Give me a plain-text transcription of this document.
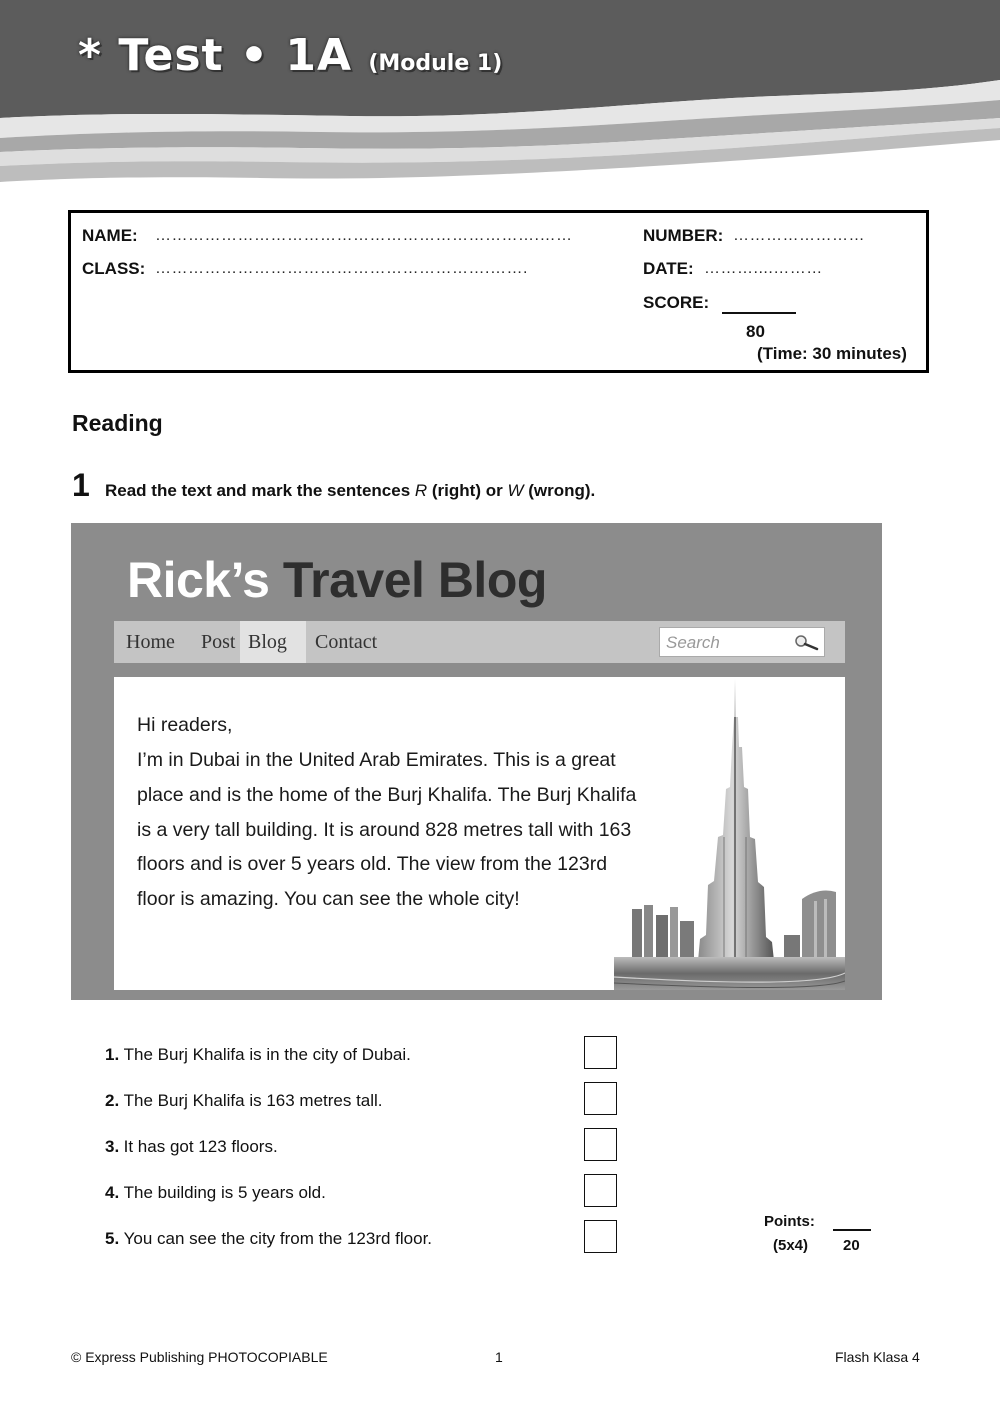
* Test • 1A (Module 1)
NAME: …………………………………………………………….……
CLASS: …………………………………………………….…….
NUMBER: ……………………
DATE: ………....………
SCORE:
80
(Time: 30 minutes)
Reading
1 Read the text and mark the sentences R (right) or W (wrong).
Rick’s Travel Blog
Home	Post Blog	Contact
Search
Hi readers,
I’m in Dubai in the United Arab Emirates. This is a great
place and is the home of the Burj Khalifa. The Burj Khalifa
is a very tall building. It is around 828 metres tall with 163
floors and is over 5 years old. The view from the 123rd
floor is amazing. You can see the whole city!
1. The Burj Khalifa is in the city of Dubai.
2. The Burj Khalifa is 163 metres tall.
3. It has got 123 floors.
4. The building is 5 years old.
5. You can see the city from the 123rd floor.
Points:
(5x4) 20
© Express Publishing PHOTOCOPIABLE	1	Flash Klasa 4
